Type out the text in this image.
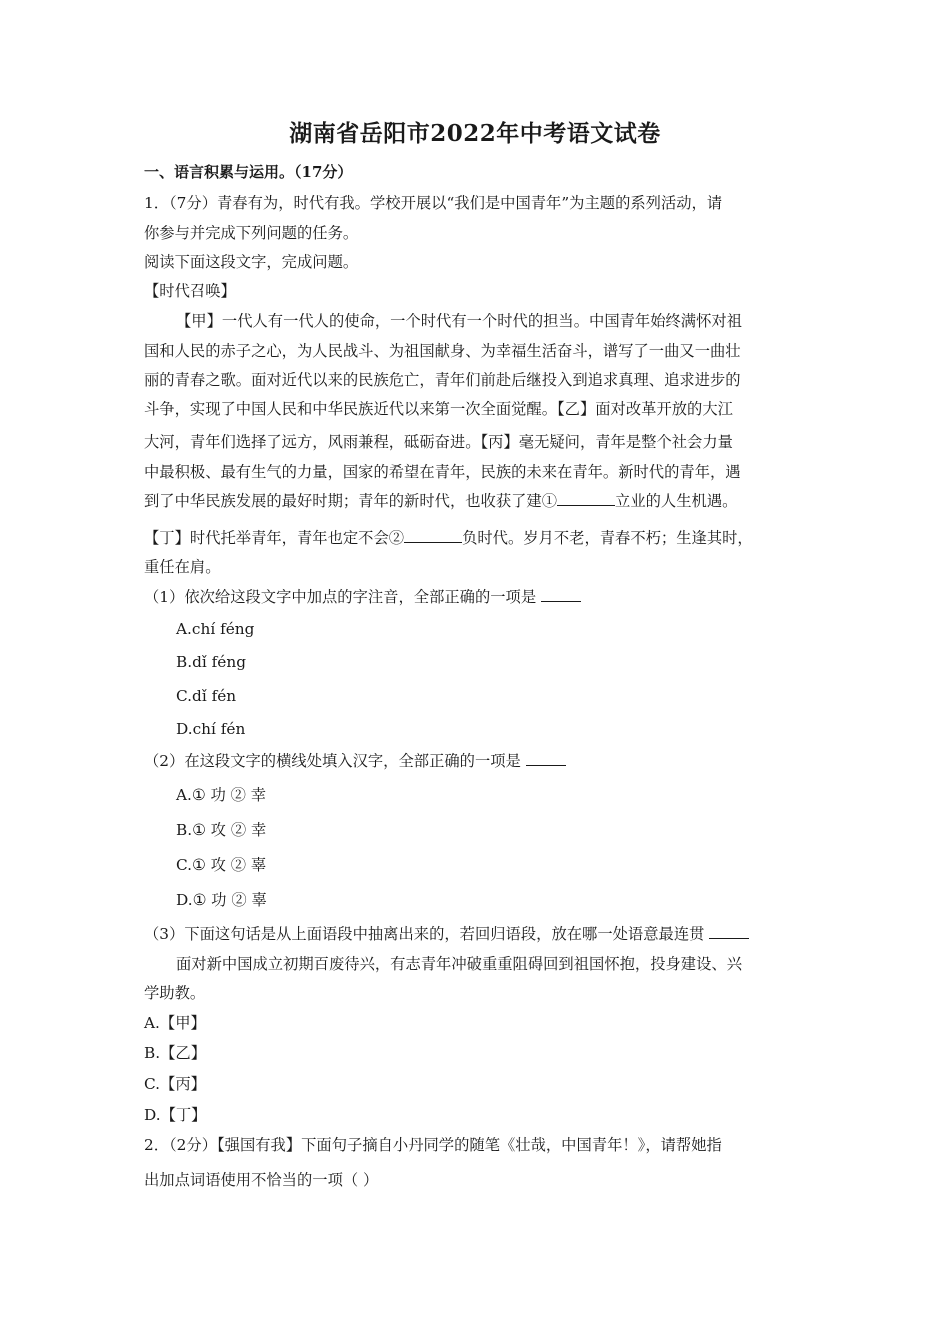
湖南省岳阳市2022年中考语文试卷
一、语言积累与运用。（17分）
1．（7分）青春有为，时代有我。学校开展以“我们是中国青年”为主题的系列活动，请
你参与并完成下列问题的任务。
阅读下面这段文字，完成问题。
【时代召唤】
【甲】一代人有一代人的使命，一个时代有一个时代的担当。中国青年始终满怀对祖
国和人民的赤子之心，为人民战斗、为祖国献身、为幸福生活奋斗，谱写了一曲又一曲壮
丽的青春之歌。面对近代以来的民族危亡，青年们前赴后继投入到追求真理、追求进步的
斗争，实现了中国人民和中华民族近代以来第一次全面觉醒。【乙】面对改革开放的大江
大河，青年们选择了远方，风雨兼程，砥砺奋进。【丙】毫无疑问，青年是整个社会力量
中最积极、最有生气的力量，国家的希望在青年，民族的未来在青年。新时代的青年，遇
到了中华民族发展的最好时期；青年的新时代，也收获了建①	立业的人生机遇。
【丁】时代托举青年，青年也定不会②	负时代。岁月不老，青春不朽；生逢其时，
重任在肩。
（1）依次给这段文字中加点的字注音，全部正确的一项是
A.chí féng
B.dǐ féng
C.dǐ fén
D.chí fén
（2）在这段文字的横线处填入汉字，全部正确的一项是
A.① 功 ② 幸
B.① 攻 ② 幸
C.① 攻 ② 辜
D.① 功 ② 辜
（3）下面这句话是从上面语段中抽离出来的，若回归语段，放在哪一处语意最连贯
面对新中国成立初期百废待兴，有志青年冲破重重阻碍回到祖国怀抱，投身建设、兴
学助教。
A.【甲】
B.【乙】
C.【丙】
D.【丁】
2．（2分）【强国有我】下面句子摘自小丹同学的随笔《壮哉，中国青年！》，请帮她指
出加点词语使用不恰当的一项（ ）
